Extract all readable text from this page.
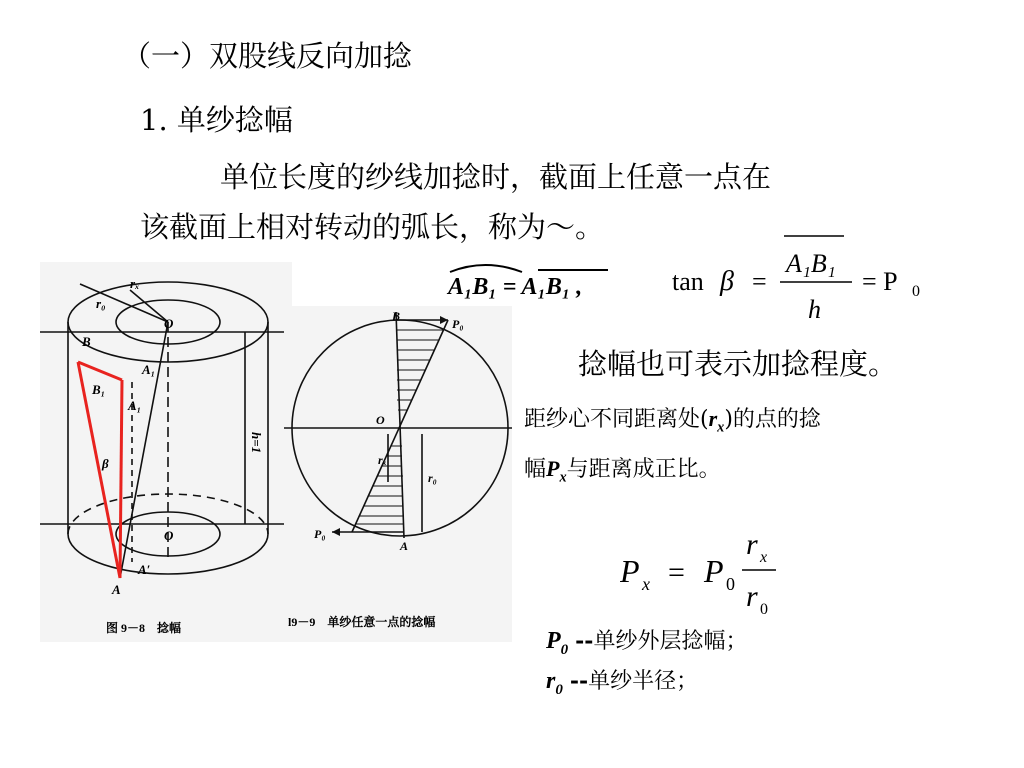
（一）双股线反向加捻
1. 单纱捻幅
单位长度的纱线加捻时，截面上任意一点在
该截面上相对转动的弧长，称为～。
A₁B₁ = A₁B₁ ,	tan β =
A₁B₁
h
= P 0
捻幅也可表示加捻程度。
距纱心不同距离处$(r_x)$的点的捻
幅$P_x$与距离成正比。
P x = P 0
r x
r 0
$P_0$ --单纱外层捻幅；
$r_0$ --单纱半径；
rₓ
r₀
O
B
B₁
A₁
A₁
β
O
A′
A
h=1
图 9－8　捻幅
B
P₀
O
rₓ
r₀
P₀
A
l9－9　单纱任意一点的捻幅
